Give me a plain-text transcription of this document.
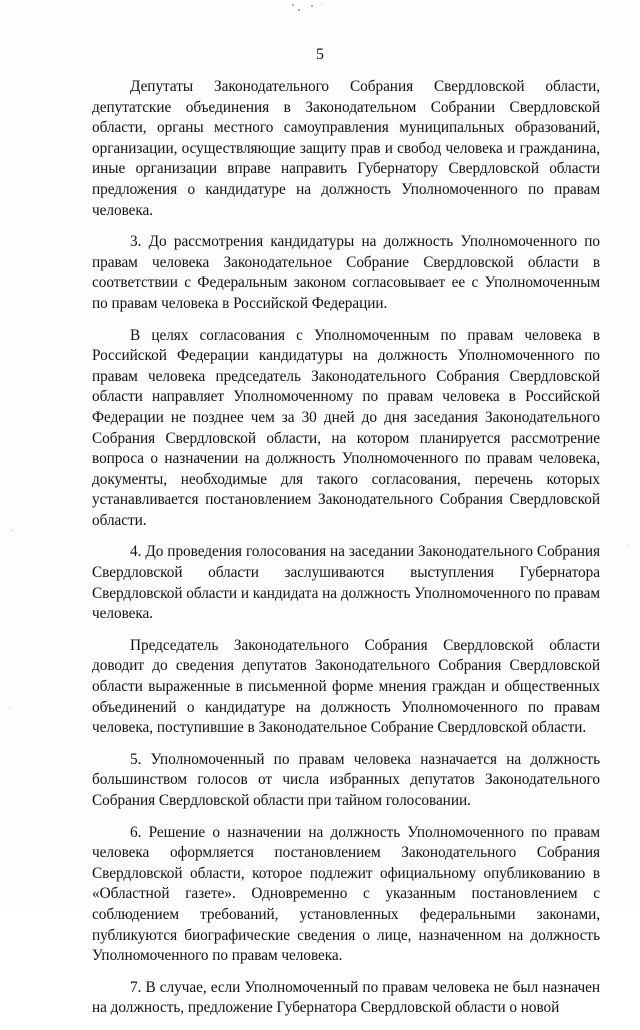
5

Депутаты Законодательного Собрания Свердловской области, депутатские объединения в Законодательном Собрании Свердловской области, органы местного самоуправления муниципальных образований, организации, осуществляющие защиту прав и свобод человека и гражданина, иные организации вправе направить Губернатору Свердловской области предложения о кандидатуре на должность Уполномоченного по правам человека.

3. До рассмотрения кандидатуры на должность Уполномоченного по правам человека Законодательное Собрание Свердловской области в соответствии с Федеральным законом согласовывает ее с Уполномоченным по правам человека в Российской Федерации.

В целях согласования с Уполномоченным по правам человека в Российской Федерации кандидатуры на должность Уполномоченного по правам человека председатель Законодательного Собрания Свердловской области направляет Уполномоченному по правам человека в Российской Федерации не позднее чем за 30 дней до дня заседания Законодательного Собрания Свердловской области, на котором планируется рассмотрение вопроса о назначении на должность Уполномоченного по правам человека, документы, необходимые для такого согласования, перечень которых устанавливается постановлением Законодательного Собрания Свердловской области.

4. До проведения голосования на заседании Законодательного Собрания Свердловской области заслушиваются выступления Губернатора Свердловской области и кандидата на должность Уполномоченного по правам человека.

Председатель Законодательного Собрания Свердловской области доводит до сведения депутатов Законодательного Собрания Свердловской области выраженные в письменной форме мнения граждан и общественных объединений о кандидатуре на должность Уполномоченного по правам человека, поступившие в Законодательное Собрание Свердловской области.

5. Уполномоченный по правам человека назначается на должность большинством голосов от числа избранных депутатов Законодательного Собрания Свердловской области при тайном голосовании.

6. Решение о назначении на должность Уполномоченного по правам человека оформляется постановлением Законодательного Собрания Свердловской области, которое подлежит официальному опубликованию в «Областной газете». Одновременно с указанным постановлением с соблюдением требований, установленных федеральными законами, публикуются биографические сведения о лице, назначенном на должность Уполномоченного по правам человека.

7. В случае, если Уполномоченный по правам человека не был назначен на должность, предложение Губернатора Свердловской области о новой
